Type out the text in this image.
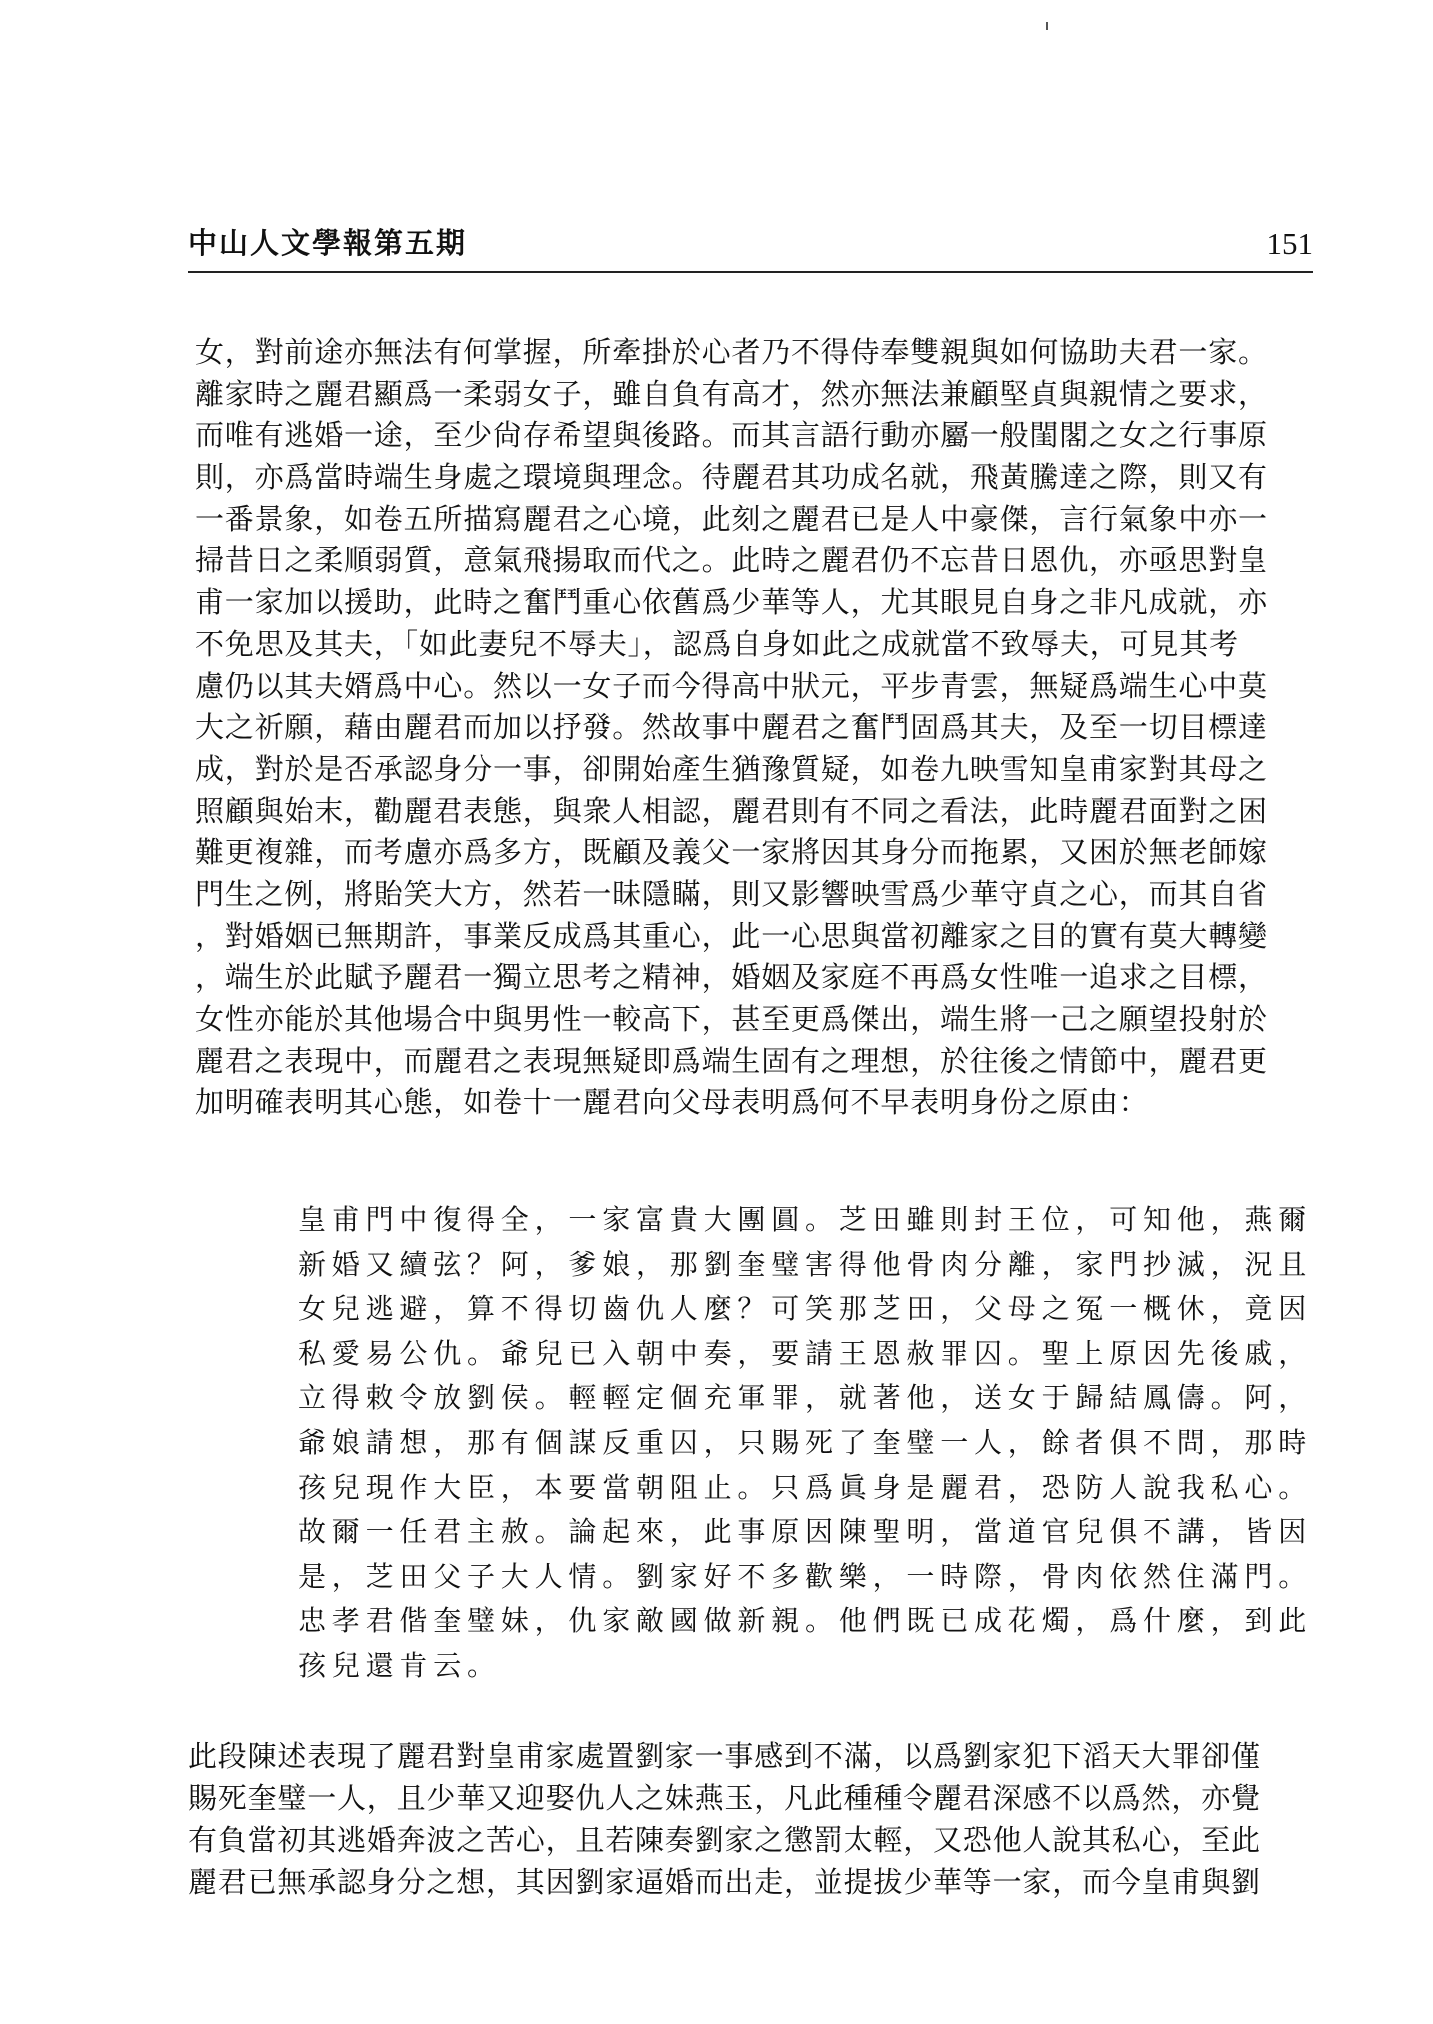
中山人文學報第五期	151
女，對前途亦無法有何掌握，所牽掛於心者乃不得侍奉雙親與如何協助夫君一家。
離家時之麗君顯爲一柔弱女子，雖自負有高才，然亦無法兼顧堅貞與親情之要求，
而唯有逃婚一途，至少尙存希望與後路。而其言語行動亦屬一般閨閣之女之行事原
則，亦爲當時端生身處之環境與理念。待麗君其功成名就，飛黃騰達之際，則又有
一番景象，如卷五所描寫麗君之心境，此刻之麗君已是人中豪傑，言行氣象中亦一
掃昔日之柔順弱質，意氣飛揚取而代之。此時之麗君仍不忘昔日恩仇，亦亟思對皇
甫一家加以援助，此時之奮鬥重心依舊爲少華等人，尤其眼見自身之非凡成就，亦
不免思及其夫，「如此妻兒不辱夫」，認爲自身如此之成就當不致辱夫，可見其考
慮仍以其夫婿爲中心。然以一女子而今得高中狀元，平步青雲，無疑爲端生心中莫
大之祈願，藉由麗君而加以抒發。然故事中麗君之奮鬥固爲其夫，及至一切目標達
成，對於是否承認身分一事，卻開始產生猶豫質疑，如卷九映雪知皇甫家對其母之
照顧與始末，勸麗君表態，與衆人相認，麗君則有不同之看法，此時麗君面對之困
難更複雜，而考慮亦爲多方，既顧及義父一家將因其身分而拖累，又困於無老師嫁
門生之例，將貽笑大方，然若一昧隱瞞，則又影響映雪爲少華守貞之心，而其自省
，對婚姻已無期許，事業反成爲其重心，此一心思與當初離家之目的實有莫大轉變
，端生於此賦予麗君一獨立思考之精神，婚姻及家庭不再爲女性唯一追求之目標，
女性亦能於其他場合中與男性一較高下，甚至更爲傑出，端生將一己之願望投射於
麗君之表現中，而麗君之表現無疑即爲端生固有之理想，於往後之情節中，麗君更
加明確表明其心態，如卷十一麗君向父母表明爲何不早表明身份之原由：
皇甫門中復得全，一家富貴大團圓。芝田雖則封王位，可知他，燕爾
新婚又續弦？阿，爹娘，那劉奎璧害得他骨肉分離，家門抄滅，況且
女兒逃避，算不得切齒仇人麼？可笑那芝田，父母之冤一概休，竟因
私愛易公仇。爺兒已入朝中奏，要請王恩赦罪囚。聖上原因先後戚，
立得敕令放劉侯。輕輕定個充軍罪，就著他，送女于歸結鳳儔。阿，
爺娘請想，那有個謀反重囚，只賜死了奎璧一人，餘者俱不問，那時
孩兒現作大臣，本要當朝阻止。只爲眞身是麗君，恐防人說我私心。
故爾一任君主赦。論起來，此事原因陳聖明，當道官兒俱不講，皆因
是，芝田父子大人情。劉家好不多歡樂，一時際，骨肉依然住滿門。
忠孝君偕奎璧妹，仇家敵國做新親。他們既已成花燭，爲什麼，到此
孩兒還肯云。
此段陳述表現了麗君對皇甫家處置劉家一事感到不滿，以爲劉家犯下滔天大罪卻僅
賜死奎璧一人，且少華又迎娶仇人之妹燕玉，凡此種種令麗君深感不以爲然，亦覺
有負當初其逃婚奔波之苦心，且若陳奏劉家之懲罰太輕，又恐他人說其私心，至此
麗君已無承認身分之想，其因劉家逼婚而出走，並提拔少華等一家，而今皇甫與劉
